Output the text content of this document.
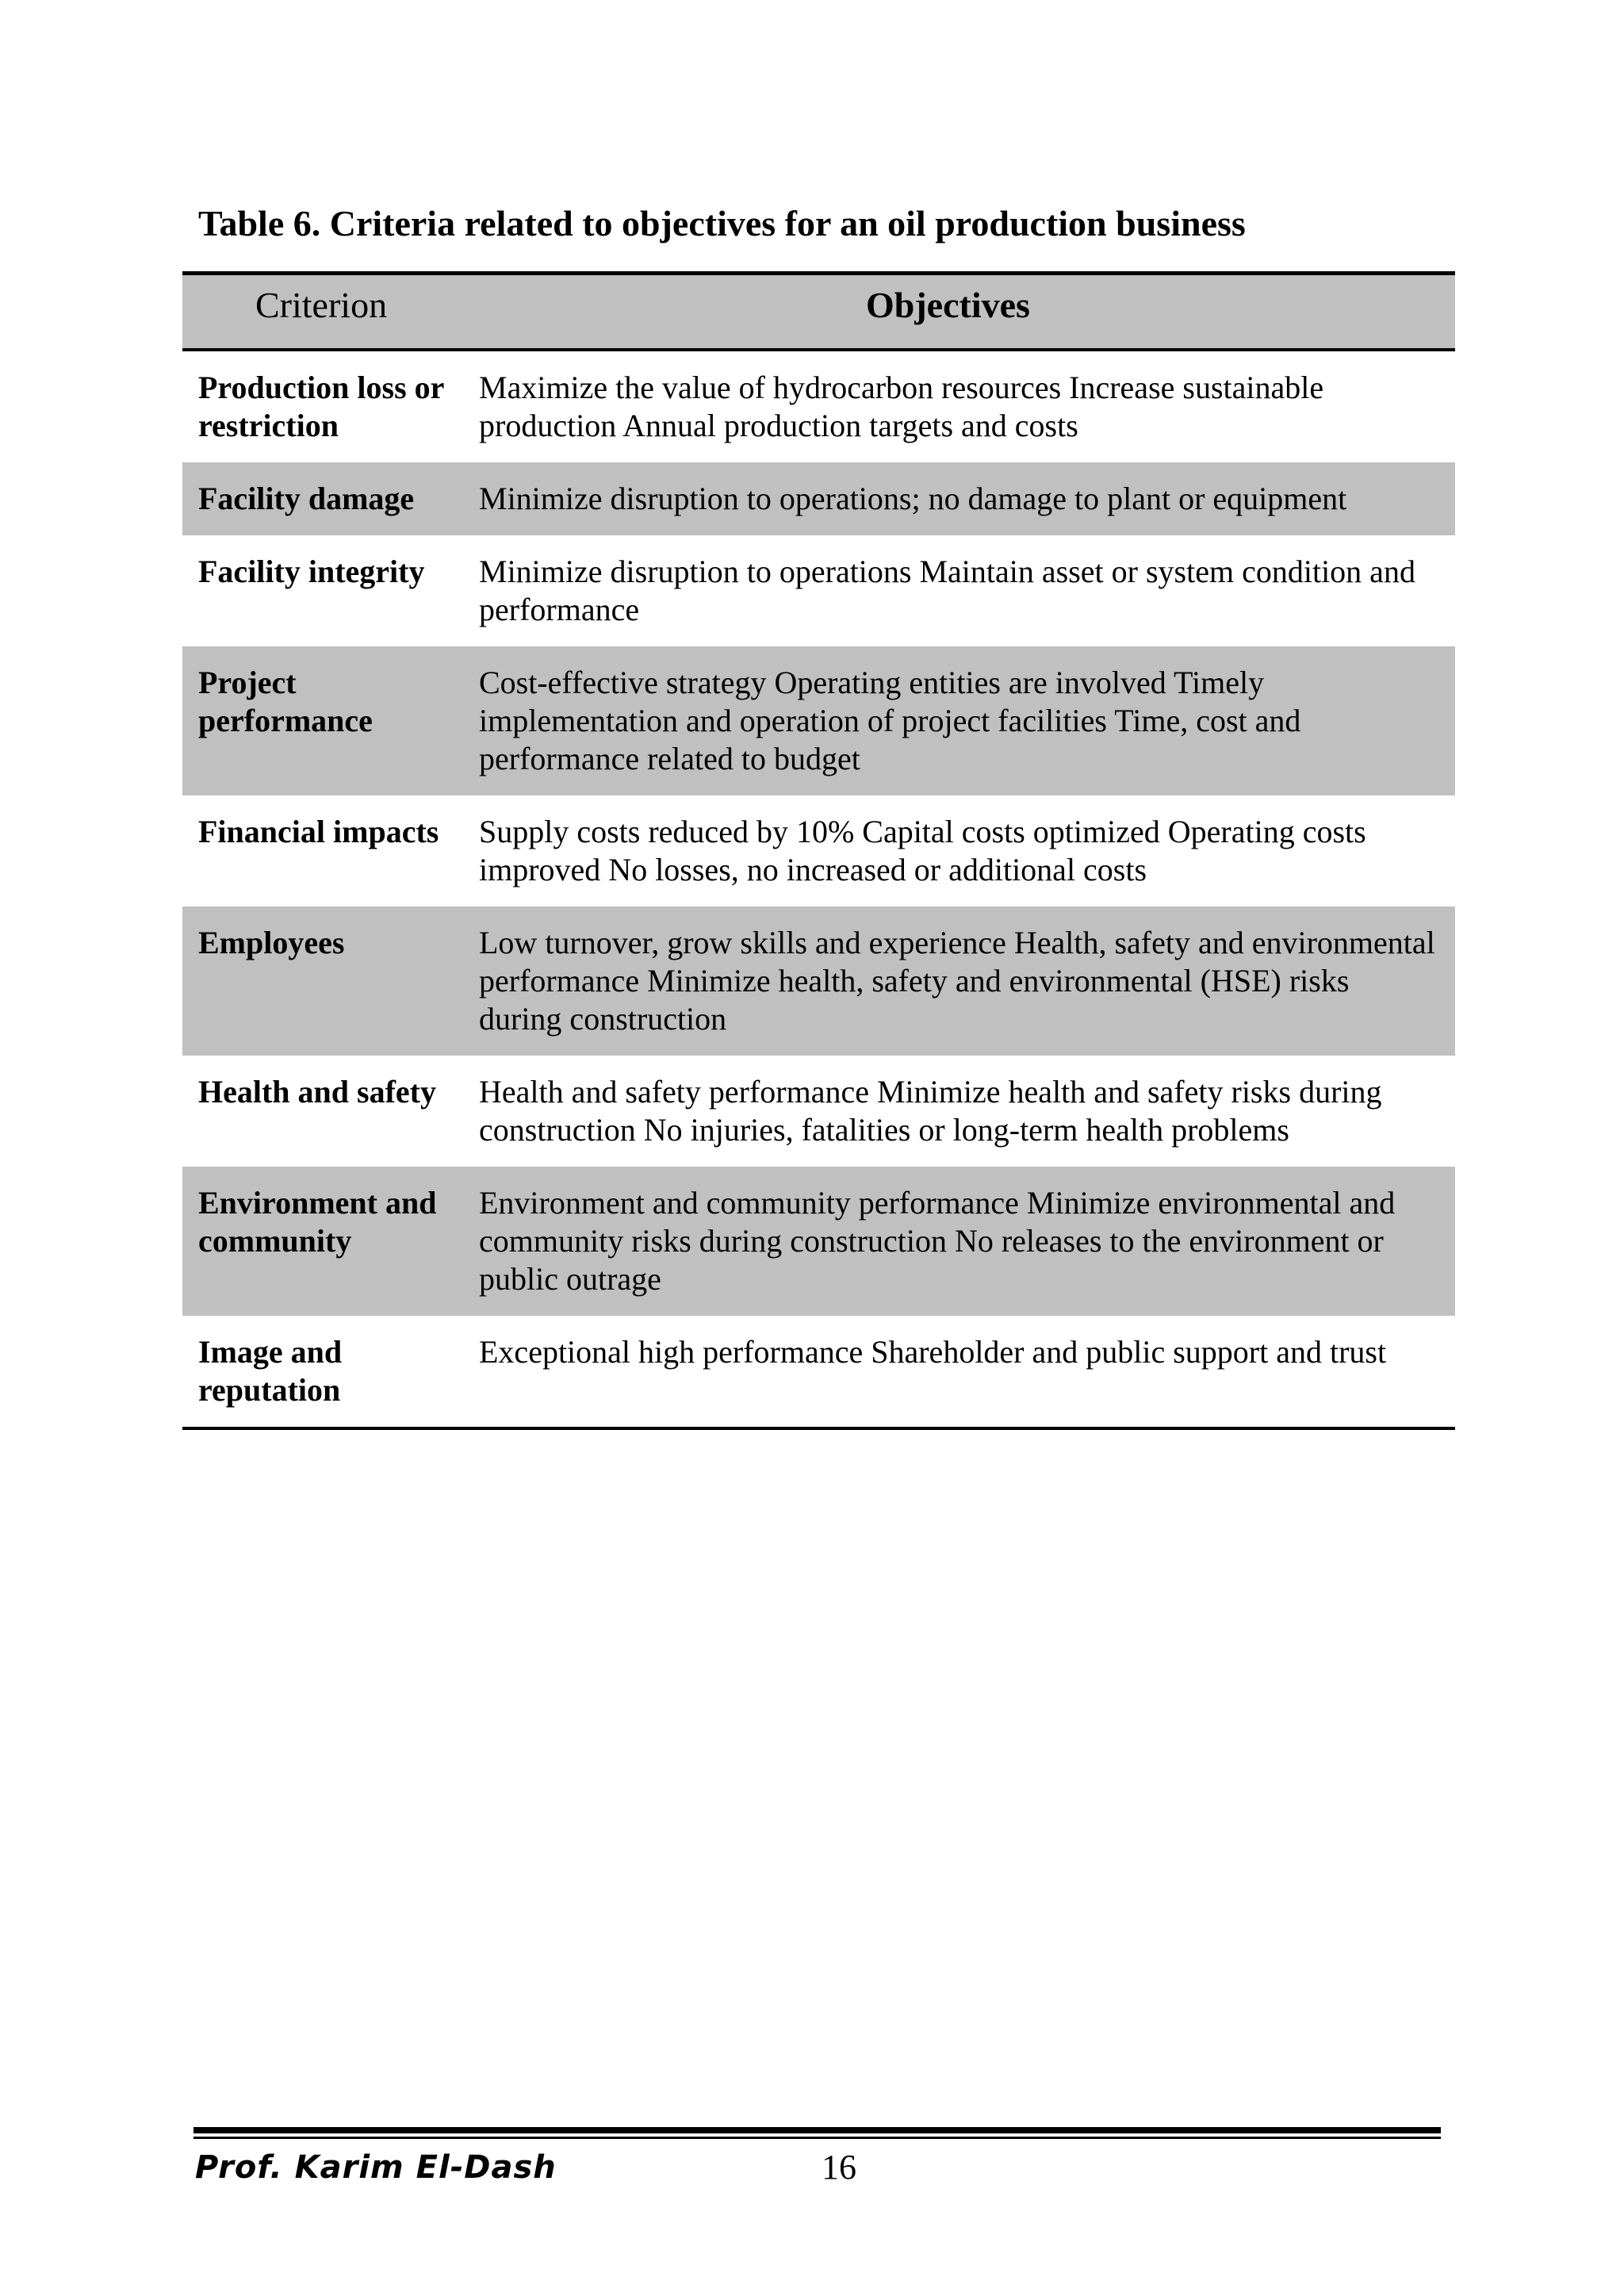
Table 6. Criteria related to objectives for an oil production business
Criterion	Objectives
Production loss or restriction	Maximize the value of hydrocarbon resources Increase sustainable production Annual production targets and costs
Facility damage	Minimize disruption to operations; no damage to plant or equipment
Facility integrity	Minimize disruption to operations Maintain asset or system condition and performance
Project performance	Cost-effective strategy Operating entities are involved Timely implementation and operation of project facilities Time, cost and performance related to budget
Financial impacts	Supply costs reduced by 10% Capital costs optimized Operating costs improved No losses, no increased or additional costs
Employees	Low turnover, grow skills and experience Health, safety and environmental performance Minimize health, safety and environmental (HSE) risks during construction
Health and safety	Health and safety performance Minimize health and safety risks during construction No injuries, fatalities or long-term health problems
Environment and community	Environment and community performance Minimize environmental and community risks during construction No releases to the environment or public outrage
Image and reputation	Exceptional high performance Shareholder and public support and trust
Prof. Karim El-Dash	16
